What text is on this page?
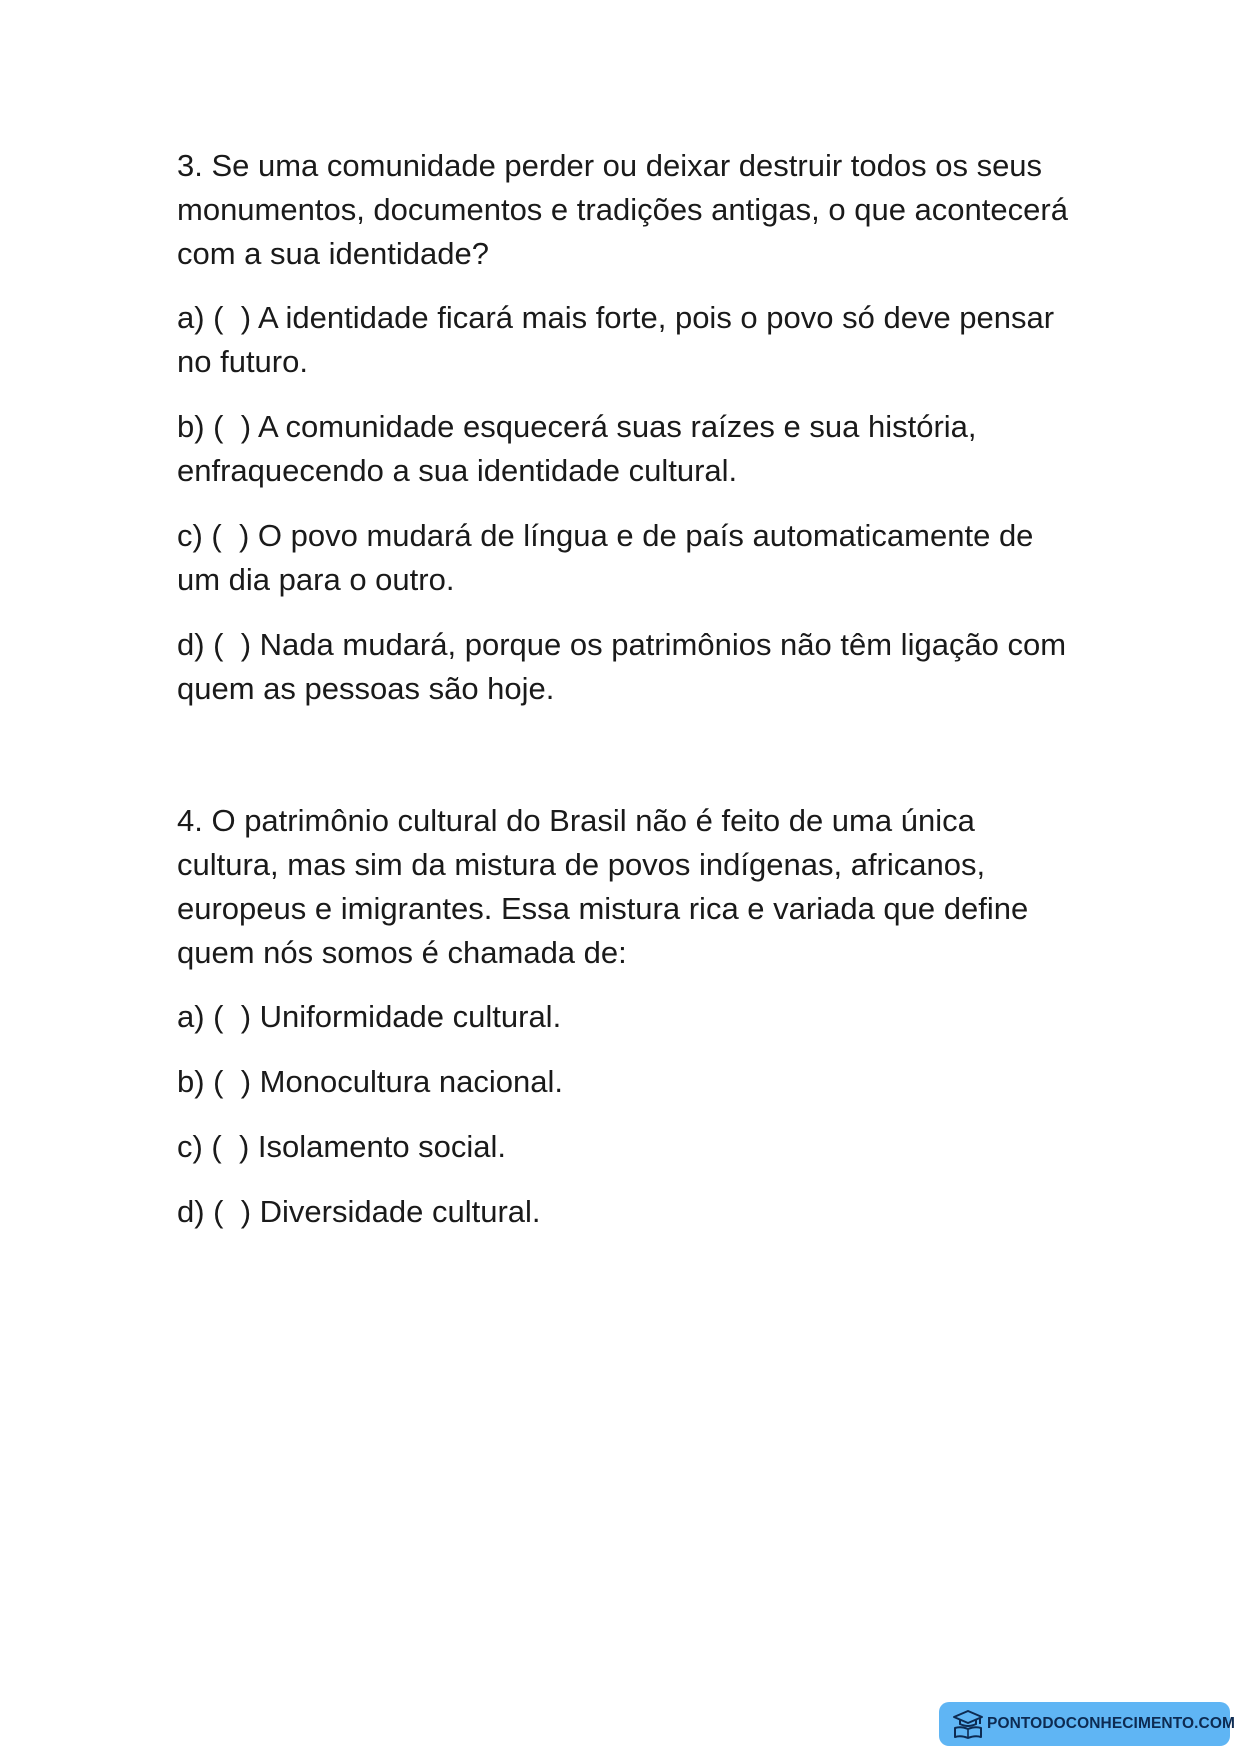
3. Se uma comunidade perder ou deixar destruir todos os seus monumentos, documentos e tradições antigas, o que acontecerá com a sua identidade?

a) (  ) A identidade ficará mais forte, pois o povo só deve pensar no futuro.

b) (  ) A comunidade esquecerá suas raízes e sua história, enfraquecendo a sua identidade cultural.

c) (  ) O povo mudará de língua e de país automaticamente de um dia para o outro.

d) (  ) Nada mudará, porque os patrimônios não têm ligação com quem as pessoas são hoje.

4. O patrimônio cultural do Brasil não é feito de uma única cultura, mas sim da mistura de povos indígenas, africanos, europeus e imigrantes. Essa mistura rica e variada que define quem nós somos é chamada de:

a) (  ) Uniformidade cultural.

b) (  ) Monocultura nacional.

c) (  ) Isolamento social.

d) (  ) Diversidade cultural.

PONTODOCONHECIMENTO.COM
